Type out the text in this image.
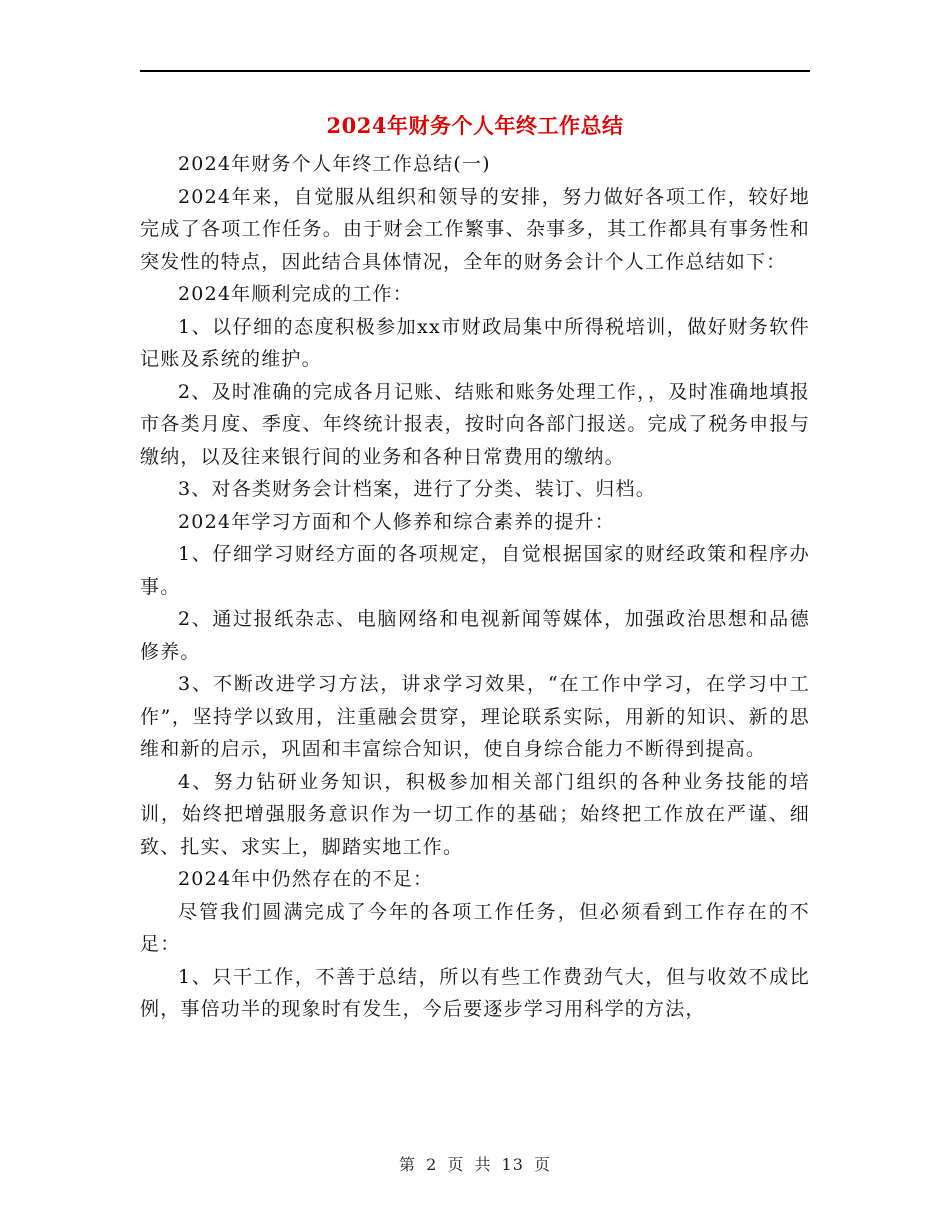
2024年财务个人年终工作总结

2024年财务个人年终工作总结(一)

2024年来，自觉服从组织和领导的安排，努力做好各项工作，较好地完成了各项工作任务。由于财会工作繁事、杂事多，其工作都具有事务性和突发性的特点，因此结合具体情况，全年的财务会计个人工作总结如下：

2024年顺利完成的工作：

1、以仔细的态度积极参加xx市财政局集中所得税培训，做好财务软件记账及系统的维护。

2、及时准确的完成各月记账、结账和账务处理工作，，及时准确地填报市各类月度、季度、年终统计报表，按时向各部门报送。完成了税务申报与缴纳，以及往来银行间的业务和各种日常费用的缴纳。

3、对各类财务会计档案，进行了分类、装订、归档。

2024年学习方面和个人修养和综合素养的提升：

1、仔细学习财经方面的各项规定，自觉根据国家的财经政策和程序办事。

2、通过报纸杂志、电脑网络和电视新闻等媒体，加强政治思想和品德修养。

3、不断改进学习方法，讲求学习效果，“在工作中学习，在学习中工作”，坚持学以致用，注重融会贯穿，理论联系实际，用新的知识、新的思维和新的启示，巩固和丰富综合知识，使自身综合能力不断得到提高。

4、努力钻研业务知识，积极参加相关部门组织的各种业务技能的培训，始终把增强服务意识作为一切工作的基础；始终把工作放在严谨、细致、扎实、求实上，脚踏实地工作。

2024年中仍然存在的不足：

尽管我们圆满完成了今年的各项工作任务，但必须看到工作存在的不足：

1、只干工作，不善于总结，所以有些工作费劲气大，但与收效不成比例，事倍功半的现象时有发生，今后要逐步学习用科学的方法，

第 2 页 共 13 页
